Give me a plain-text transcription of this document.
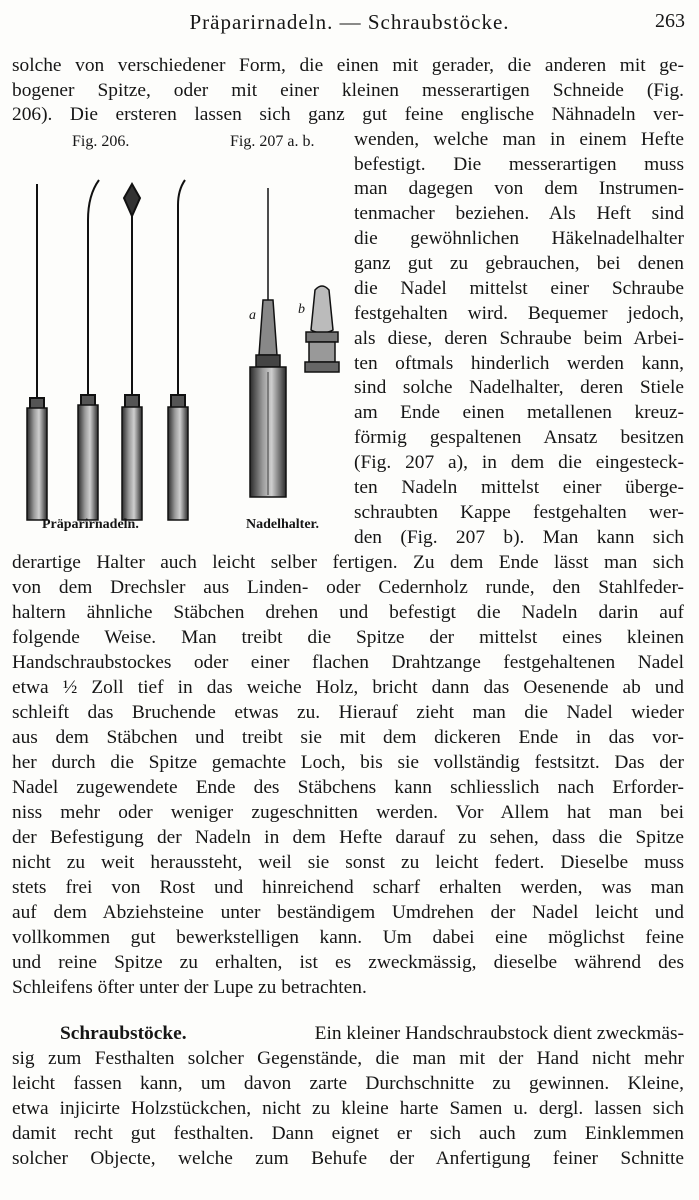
Präparirnadeln. — Schraubstöcke.	263
solche von verschiedener Form, die einen mit gerader, die anderen mit ge-
bogener Spitze, oder mit einer kleinen messerartigen Schneide (Fig.
206). Die ersteren lassen sich ganz gut feine englische Nähnadeln ver-
Fig. 206.	Fig. 207 a. b. wenden, welche man in einem Hefte
befestigt. Die messerartigen muss
man dagegen von dem Instrumen-
tenmacher beziehen. Als Heft sind
die gewöhnlichen Häkelnadelhalter
ganz gut zu gebrauchen, bei denen
die Nadel mittelst einer Schraube
festgehalten wird. Bequemer jedoch,
als diese, deren Schraube beim Arbei-
ten oftmals hinderlich werden kann,
sind solche Nadelhalter, deren Stiele
am Ende einen metallenen kreuz-
förmig gespaltenen Ansatz besitzen
(Fig. 207 a), in dem die eingesteck-
ten Nadeln mittelst einer überge-
schraubten Kappe festgehalten wer-
den (Fig. 207 b). Man kann sich
a	b
Präparirnadeln.	Nadelhalter.
derartige Halter auch leicht selber fertigen. Zu dem Ende lässt man sich
von dem Drechsler aus Linden- oder Cedernholz runde, den Stahlfeder-
haltern ähnliche Stäbchen drehen und befestigt die Nadeln darin auf
folgende Weise. Man treibt die Spitze der mittelst eines kleinen
Handschraubstockes oder einer flachen Drahtzange festgehaltenen Nadel
etwa ½ Zoll tief in das weiche Holz, bricht dann das Oesenende ab und
schleift das Bruchende etwas zu. Hierauf zieht man die Nadel wieder
aus dem Stäbchen und treibt sie mit dem dickeren Ende in das vor-
her durch die Spitze gemachte Loch, bis sie vollständig festsitzt. Das der
Nadel zugewendete Ende des Stäbchens kann schliesslich nach Erforder-
niss mehr oder weniger zugeschnitten werden. Vor Allem hat man bei
der Befestigung der Nadeln in dem Hefte darauf zu sehen, dass die Spitze
nicht zu weit heraussteht, weil sie sonst zu leicht federt. Dieselbe muss
stets frei von Rost und hinreichend scharf erhalten werden, was man
auf dem Abziehsteine unter beständigem Umdrehen der Nadel leicht und
vollkommen gut bewerkstelligen kann. Um dabei eine möglichst feine
und reine Spitze zu erhalten, ist es zweckmässig, dieselbe während des
Schleifens öfter unter der Lupe zu betrachten.
Schraubstöcke.	Ein kleiner Handschraubstock dient zweckmäs-
sig zum Festhalten solcher Gegenstände, die man mit der Hand nicht mehr
leicht fassen kann, um davon zarte Durchschnitte zu gewinnen. Kleine,
etwa injicirte Holzstückchen, nicht zu kleine harte Samen u. dergl. lassen sich
damit recht gut festhalten. Dann eignet er sich auch zum Einklemmen
solcher Objecte, welche zum Behufe der Anfertigung feiner Schnitte
